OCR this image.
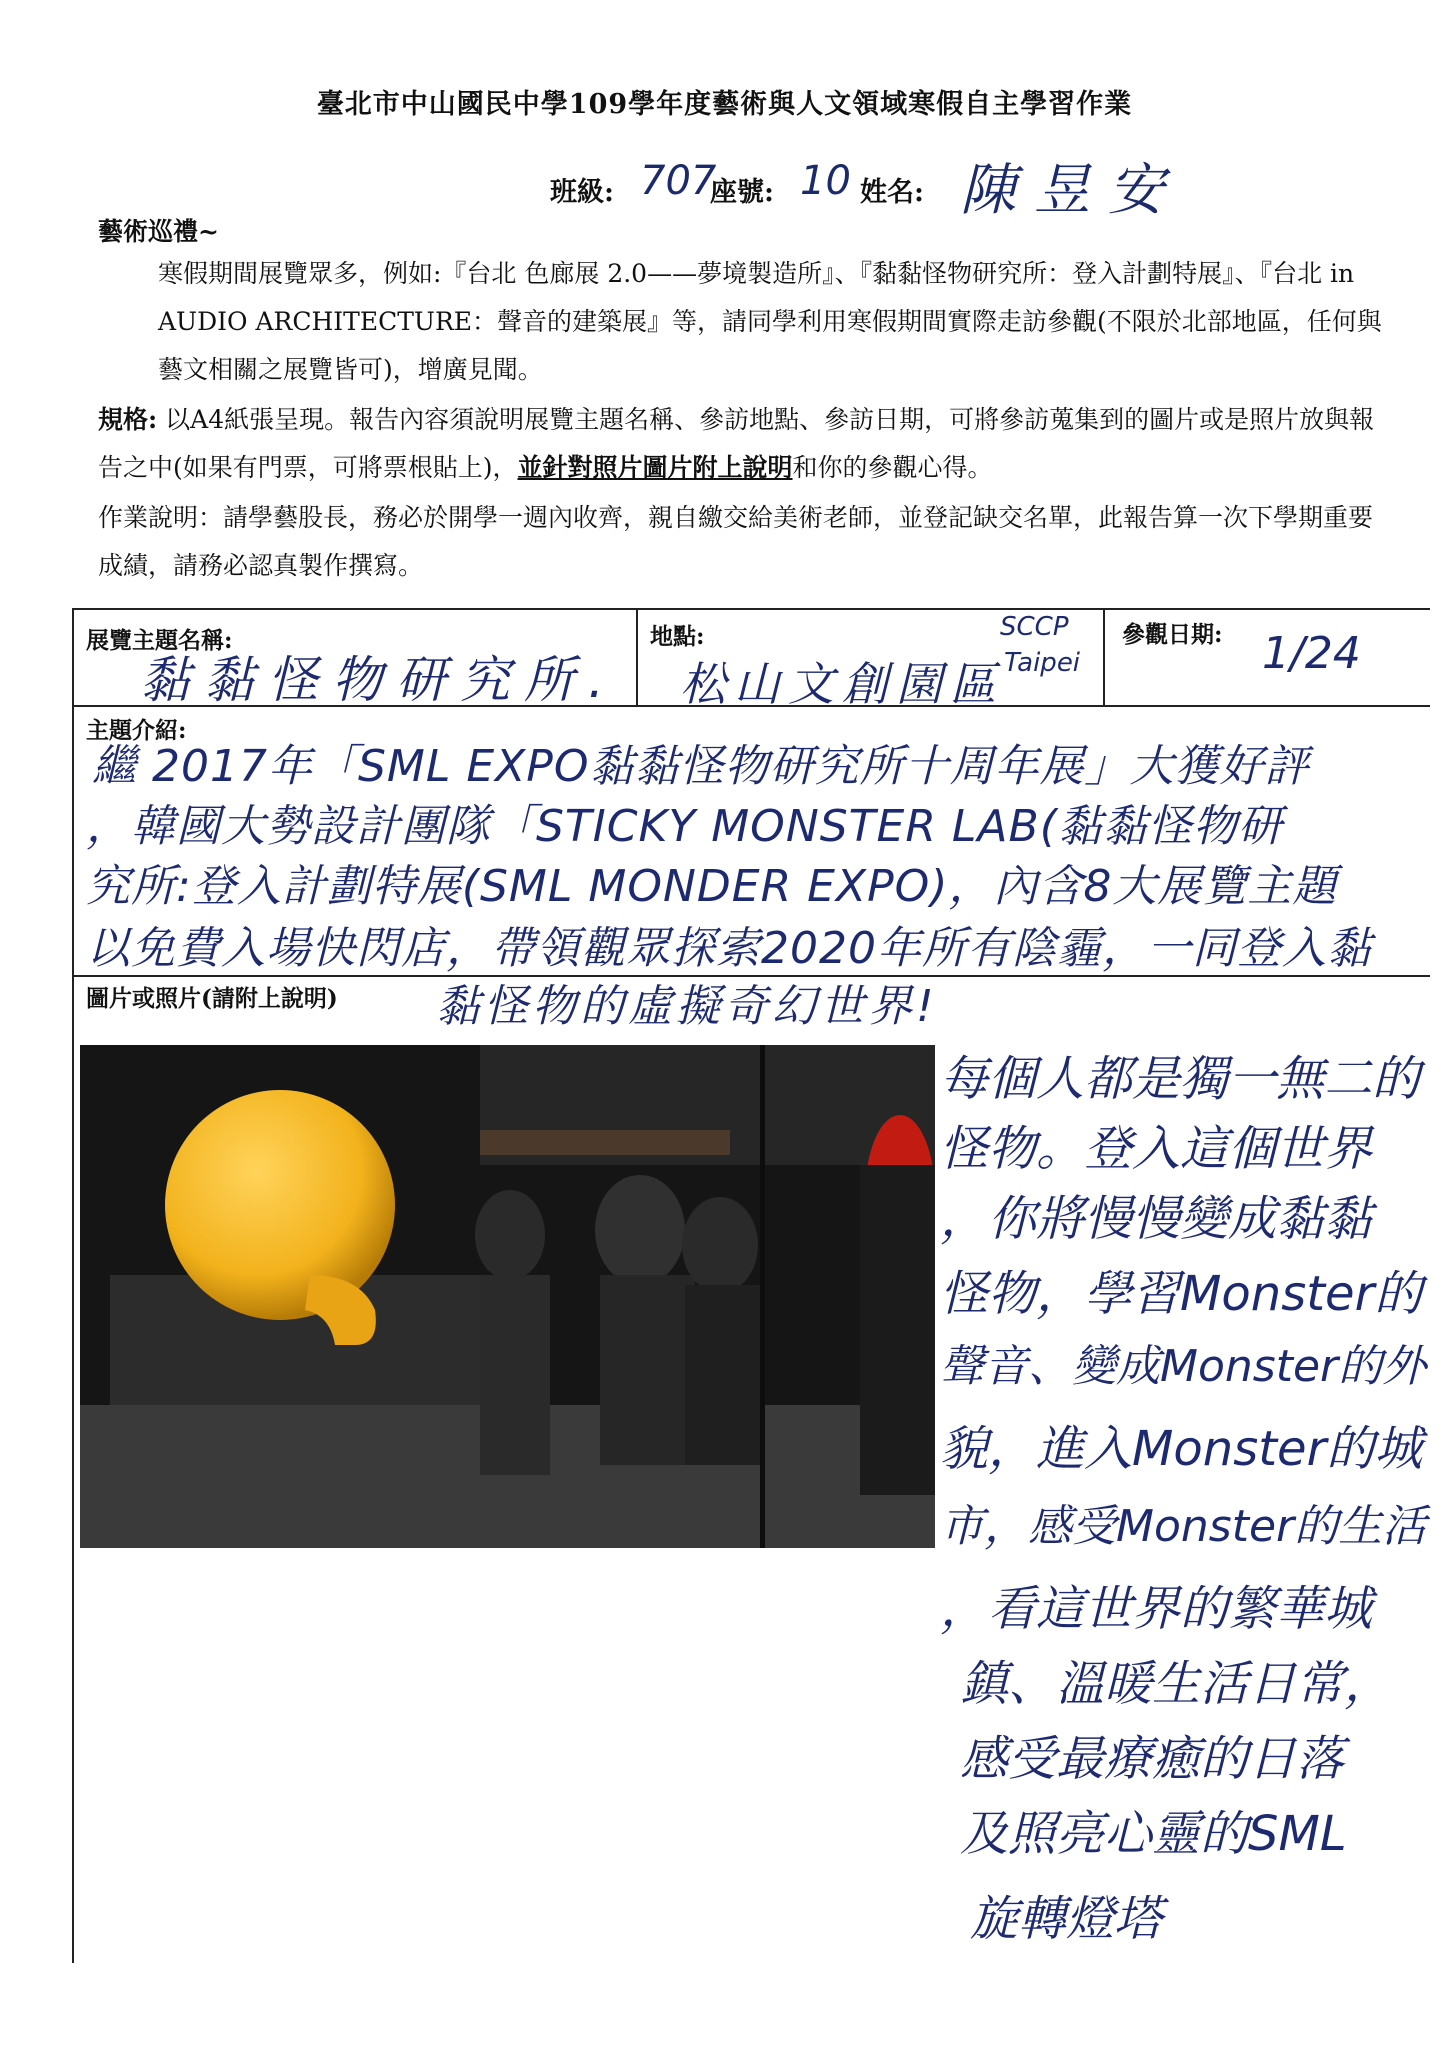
臺北市中山國民中學109學年度藝術與人文領域寒假自主學習作業
班級: 707
座號: 10 姓名: 陳昱安
藝術巡禮~
寒假期間展覽眾多，例如:『台北 色廊展 2.0——夢境製造所』、『黏黏怪物研究所：登入計劃特展』、『台北 in AUDIO ARCHITECTURE：聲音的建築展』等，請同學利用寒假期間實際走訪參觀(不限於北部地區，任何與藝文相關之展覽皆可)，增廣見聞。
規格: 以A4紙張呈現。報告內容須說明展覽主題名稱、參訪地點、參訪日期，可將參訪蒐集到的圖片或是照片放與報告之中(如果有門票，可將票根貼上)，並針對照片圖片附上說明和你的參觀心得。
作業說明：請學藝股長，務必於開學一週內收齊，親自繳交給美術老師，並登記缺交名單，此報告算一次下學期重要成績，請務必認真製作撰寫。
展覽主題名稱:
黏黏怪物研究所.
地點:
松山文創園區
SCCP
Taipei
參觀日期: 1/24
主題介紹:
繼 2017年「SML EXPO黏黏怪物研究所十周年展」大獲好評
，韓國大勢設計團隊「STICKY MONSTER LAB(黏黏怪物研
究所:登入計劃特展(SML MONDER EXPO)，內含8大展覽主題
以免費入場快閃店，帶領觀眾探索2020年所有陰霾，一同登入黏
圖片或照片(請附上說明) 黏怪物的虛擬奇幻世界!
每個人都是獨一無二的
怪物。登入這個世界
，你將慢慢變成黏黏
怪物，學習Monster的
聲音、變成Monster的外
貌，進入Monster的城
市，感受Monster的生活
，看這世界的繁華城
鎮、溫暖生活日常，
感受最療癒的日落
及照亮心靈的SML
旋轉燈塔
